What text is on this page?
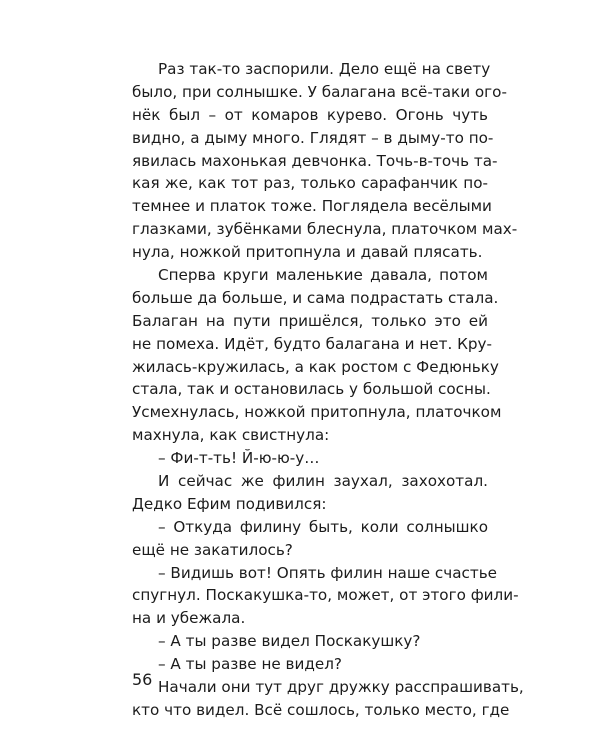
Раз так-то заспорили. Дело ещё на свету
было, при солнышке. У балагана всё-таки ого-
нёк был – от комаров курево. Огонь чуть
видно, а дыму много. Глядят – в дыму-то по-
явилась махонькая девчонка. Точь-в-точь та-
кая же, как тот раз, только сарафанчик по-
темнее и платок тоже. Поглядела весёлыми
глазками, зубёнками блеснула, платочком мах-
нула, ножкой притопнула и давай плясать.
Сперва круги маленькие давала, потом
больше да больше, и сама подрастать стала.
Балаган на пути пришёлся, только это ей
не помеха. Идёт, будто балагана и нет. Кру-
жилась-кружилась, а как ростом с Федюньку
стала, так и остановилась у большой сосны.
Усмехнулась, ножкой притопнула, платочком
махнула, как свистнула:
– Фи-т-ть! Й-ю-ю-у…
И сейчас же филин заухал, захохотал.
Дедко Ефим подивился:
– Откуда филину быть, коли солнышко
ещё не закатилось?
– Видишь вот! Опять филин наше счастье
спугнул. Поскакушка-то, может, от этого фили-
на и убежала.
– А ты разве видел Поскакушку?
– А ты разве не видел?
Начали они тут друг дружку расспрашивать,
кто что видел. Всё сошлось, только место, где
56
